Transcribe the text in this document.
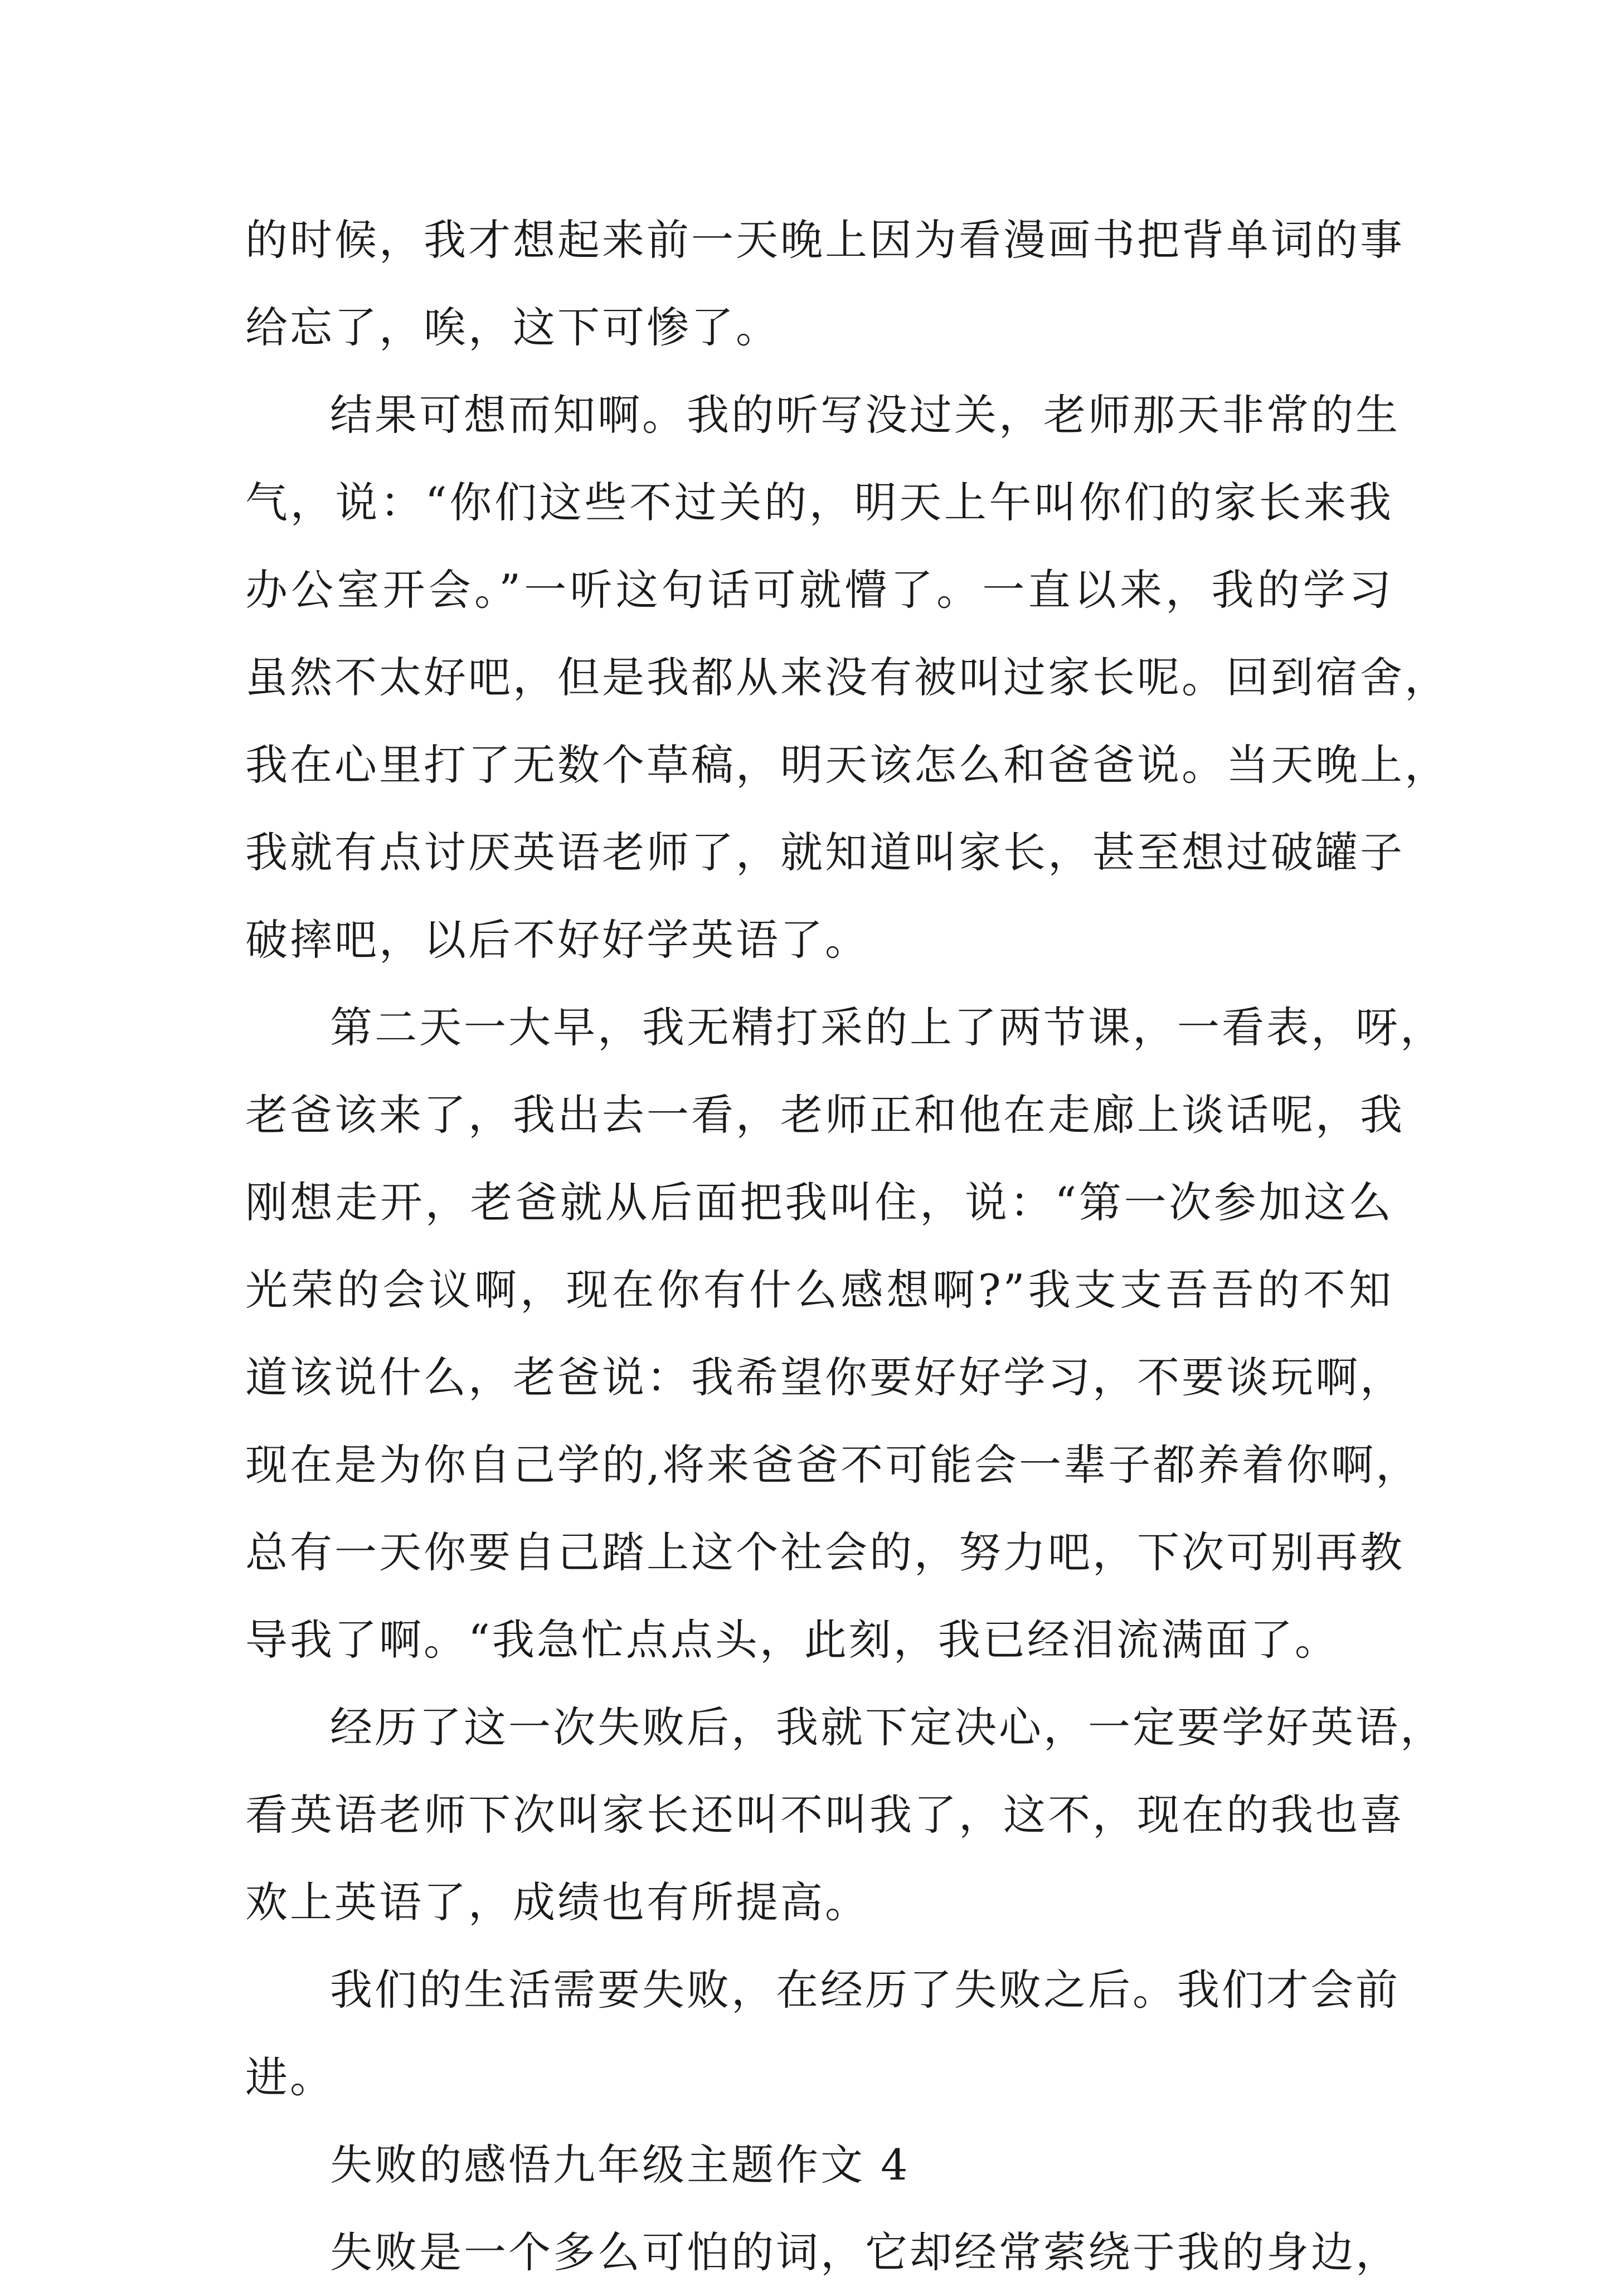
的时候，我才想起来前一天晚上因为看漫画书把背单词的事
给忘了，唉，这下可惨了。
结果可想而知啊。我的听写没过关，老师那天非常的生
气，说：“你们这些不过关的，明天上午叫你们的家长来我
办公室开会。”一听这句话可就懵了。一直以来，我的学习
虽然不太好吧，但是我都从来没有被叫过家长呢。回到宿舍，
我在心里打了无数个草稿，明天该怎么和爸爸说。当天晚上，
我就有点讨厌英语老师了，就知道叫家长，甚至想过破罐子
破摔吧，以后不好好学英语了。
第二天一大早，我无精打采的上了两节课，一看表，呀，
老爸该来了，我出去一看，老师正和他在走廊上谈话呢，我
刚想走开，老爸就从后面把我叫住，说：“第一次参加这么
光荣的会议啊，现在你有什么感想啊?”我支支吾吾的不知
道该说什么，老爸说：我希望你要好好学习，不要谈玩啊，
现在是为你自己学的,将来爸爸不可能会一辈子都养着你啊，
总有一天你要自己踏上这个社会的，努力吧，下次可别再教
导我了啊。“我急忙点点头，此刻，我已经泪流满面了。
经历了这一次失败后，我就下定决心，一定要学好英语，
看英语老师下次叫家长还叫不叫我了，这不，现在的我也喜
欢上英语了，成绩也有所提高。
我们的生活需要失败，在经历了失败之后。我们才会前
进。
失败的感悟九年级主题作文 4
失败是一个多么可怕的词，它却经常萦绕于我的身边，
